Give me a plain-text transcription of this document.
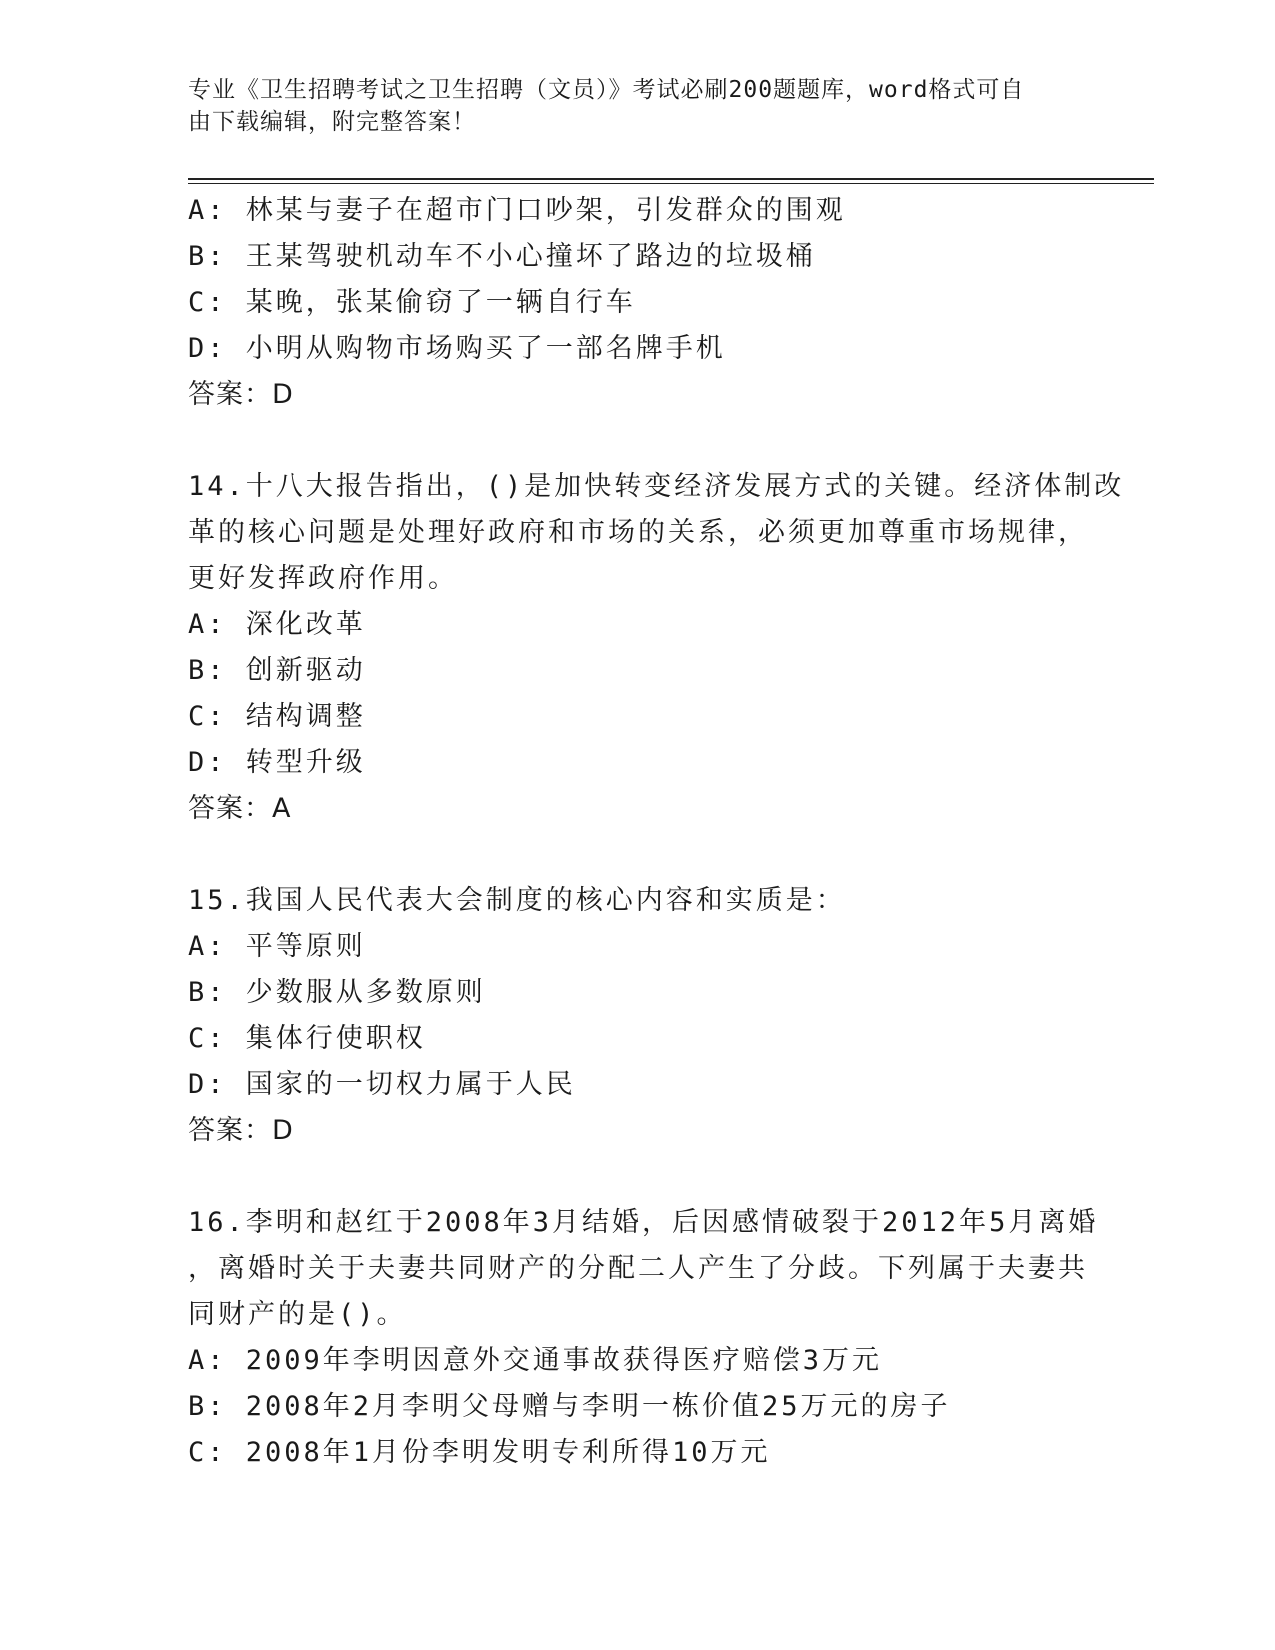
专业《卫生招聘考试之卫生招聘（文员）》考试必刷200题题库，word格式可自
由下载编辑，附完整答案！
A: 林某与妻子在超市门口吵架，引发群众的围观
B: 王某驾驶机动车不小心撞坏了路边的垃圾桶
C: 某晚，张某偷窃了一辆自行车
D: 小明从购物市场购买了一部名牌手机
答案：D
14.十八大报告指出，()是加快转变经济发展方式的关键。经济体制改
革的核心问题是处理好政府和市场的关系，必须更加尊重市场规律，
更好发挥政府作用。
A: 深化改革
B: 创新驱动
C: 结构调整
D: 转型升级
答案：A
15.我国人民代表大会制度的核心内容和实质是：
A: 平等原则
B: 少数服从多数原则
C: 集体行使职权
D: 国家的一切权力属于人民
答案：D
16.李明和赵红于2008年3月结婚，后因感情破裂于2012年5月离婚
，离婚时关于夫妻共同财产的分配二人产生了分歧。下列属于夫妻共
同财产的是()。
A: 2009年李明因意外交通事故获得医疗赔偿3万元
B: 2008年2月李明父母赠与李明一栋价值25万元的房子
C: 2008年1月份李明发明专利所得10万元
